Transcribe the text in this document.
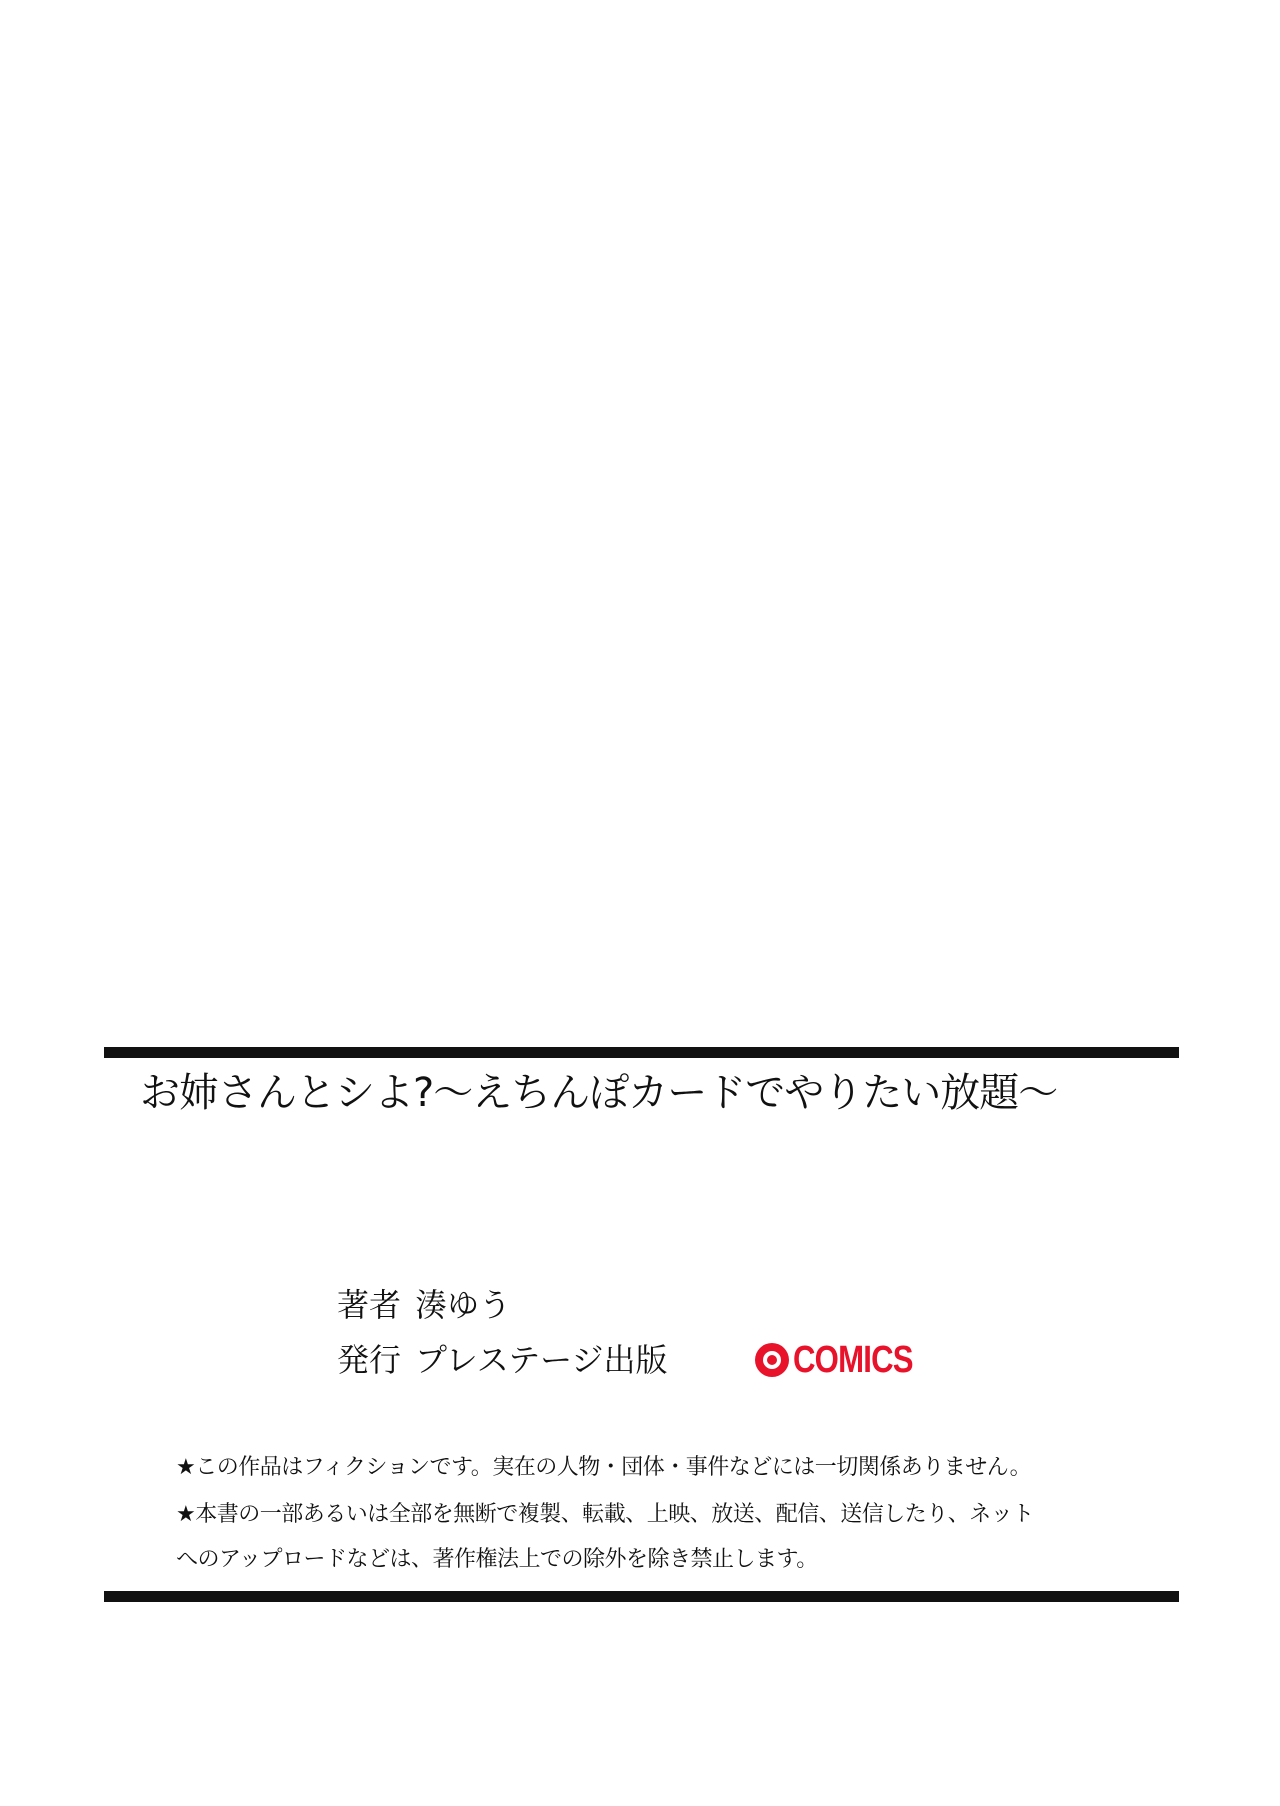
お姉さんとシよ?〜えちんぽカードでやりたい放題〜
著者 湊ゆう
発行 プレステージ出版	COMICS
★この作品はフィクションです。実在の人物・団体・事件などには一切関係ありません。
★本書の一部あるいは全部を無断で複製、転載、上映、放送、配信、送信したり、ネット
へのアップロードなどは、著作権法上での除外を除き禁止します。
